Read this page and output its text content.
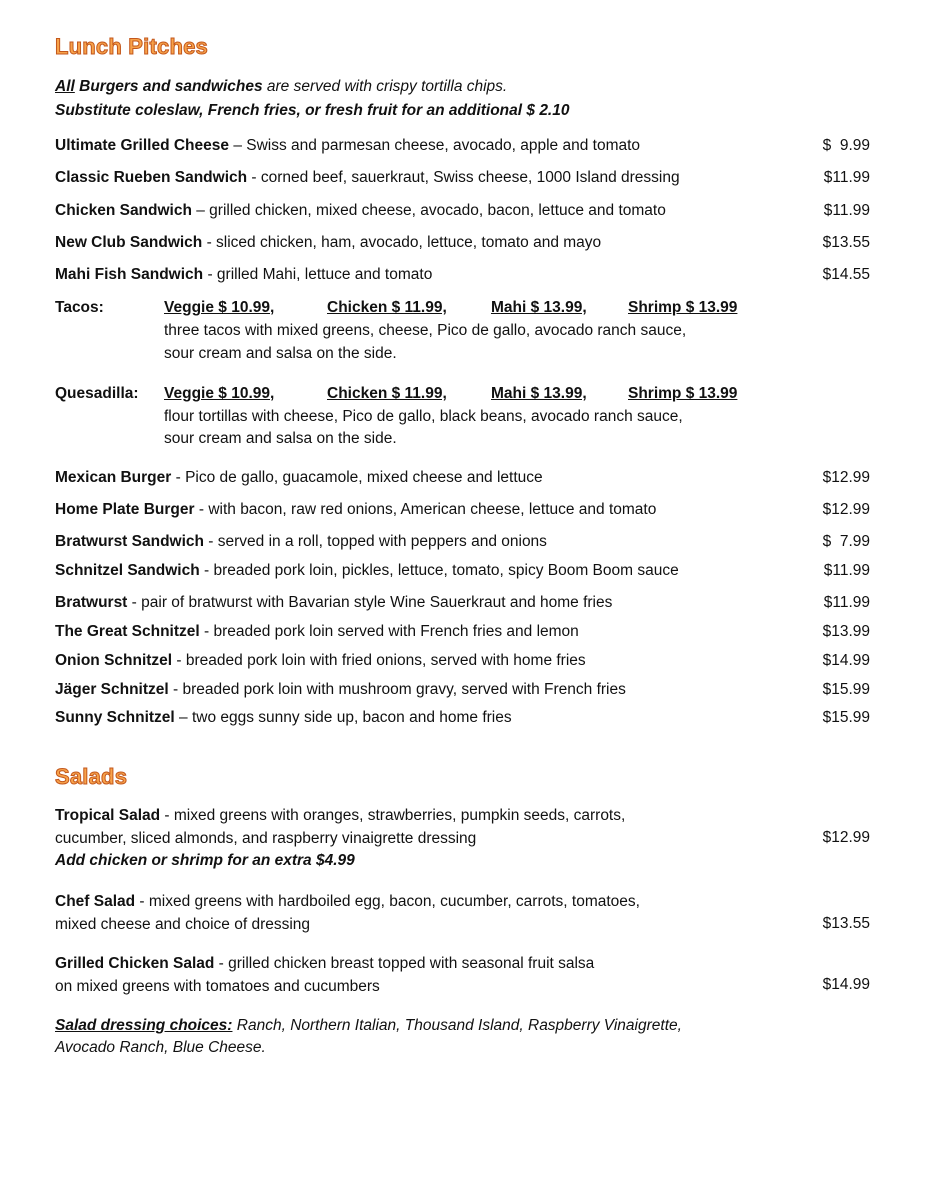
Lunch Pitches
All Burgers and sandwiches are served with crispy tortilla chips.
Substitute coleslaw, French fries, or fresh fruit for an additional $ 2.10
Ultimate Grilled Cheese – Swiss and parmesan cheese, avocado, apple and tomato	$  9.99
Classic Rueben Sandwich - corned beef, sauerkraut, Swiss cheese, 1000 Island dressing	$11.99
Chicken Sandwich – grilled chicken, mixed cheese, avocado, bacon, lettuce and tomato	$11.99
New Club Sandwich - sliced chicken, ham, avocado, lettuce, tomato and mayo	$13.55
Mahi Fish Sandwich - grilled Mahi, lettuce and tomato	$14.55
Tacos:	Veggie $ 10.99,	Chicken $ 11.99,	Mahi $ 13.99,	Shrimp $ 13.99
three tacos with mixed greens, cheese, Pico de gallo, avocado ranch sauce,
sour cream and salsa on the side.
Quesadilla: Veggie $ 10.99,	Chicken $ 11.99,	Mahi $ 13.99,	Shrimp $ 13.99
flour tortillas with cheese, Pico de gallo, black beans, avocado ranch sauce,
sour cream and salsa on the side.
Mexican Burger - Pico de gallo, guacamole, mixed cheese and lettuce	$12.99
Home Plate Burger - with bacon, raw red onions, American cheese, lettuce and tomato	$12.99
Bratwurst Sandwich - served in a roll, topped with peppers and onions	$  7.99
Schnitzel Sandwich - breaded pork loin, pickles, lettuce, tomato, spicy Boom Boom sauce	$11.99
Bratwurst - pair of bratwurst with Bavarian style Wine Sauerkraut and home fries	$11.99
The Great Schnitzel - breaded pork loin served with French fries and lemon	$13.99
Onion Schnitzel - breaded pork loin with fried onions, served with home fries	$14.99
Jäger Schnitzel - breaded pork loin with mushroom gravy, served with French fries	$15.99
Sunny Schnitzel – two eggs sunny side up, bacon and home fries	$15.99
Salads
Tropical Salad - mixed greens with oranges, strawberries, pumpkin seeds, carrots,
cucumber, sliced almonds, and raspberry vinaigrette dressing
Add chicken or shrimp for an extra $4.99
$12.99
Chef Salad - mixed greens with hardboiled egg, bacon, cucumber, carrots, tomatoes,
mixed cheese and choice of dressing	$13.55
Grilled Chicken Salad - grilled chicken breast topped with seasonal fruit salsa
on mixed greens with tomatoes and cucumbers	$14.99
Salad dressing choices: Ranch, Northern Italian, Thousand Island, Raspberry Vinaigrette,
Avocado Ranch, Blue Cheese.
